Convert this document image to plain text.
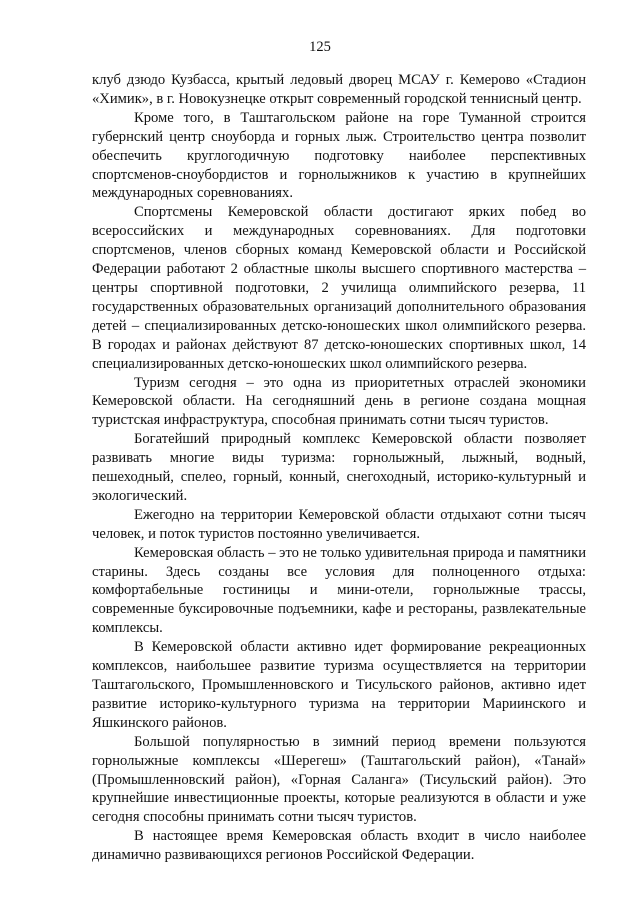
125

клуб дзюдо Кузбасса, крытый ледовый дворец МСАУ г. Кемерово «Стадион «Химик», в г. Новокузнецке открыт современный городской теннисный центр.

Кроме того, в Таштагольском районе на горе Туманной строится губернский центр сноуборда и горных лыж. Строительство центра позволит обеспечить круглогодичную подготовку наиболее перспективных спортсменов-сноубордистов и горнолыжников к участию в крупнейших международных соревнованиях.

Спортсмены Кемеровской области достигают ярких побед во всероссийских и международных соревнованиях. Для подготовки спортсменов, членов сборных команд Кемеровской области и Российской Федерации работают 2 областные школы высшего спортивного мастерства – центры спортивной подготовки, 2 училища олимпийского резерва, 11 государственных образовательных организаций дополнительного образования детей – специализированных детско-юношеских школ олимпийского резерва. В городах и районах действуют 87 детско-юношеских спортивных школ, 14 специализированных детско-юношеских школ олимпийского резерва.

Туризм сегодня – это одна из приоритетных отраслей экономики Кемеровской области. На сегодняшний день в регионе создана мощная туристская инфраструктура, способная принимать сотни тысяч туристов.

Богатейший природный комплекс Кемеровской области позволяет развивать многие виды туризма: горнолыжный, лыжный, водный, пешеходный, спелео, горный, конный, снегоходный, историко-культурный и экологический.

Ежегодно на территории Кемеровской области отдыхают сотни тысяч человек, и поток туристов постоянно увеличивается.

Кемеровская область – это не только удивительная природа и памятники старины. Здесь созданы все условия для полноценного отдыха: комфортабельные гостиницы и мини-отели, горнолыжные трассы, современные буксировочные подъемники, кафе и рестораны, развлекательные комплексы.

В Кемеровской области активно идет формирование рекреационных комплексов, наибольшее развитие туризма осуществляется на территории Таштагольского, Промышленновского и Тисульского районов, активно идет развитие историко-культурного туризма на территории Мариинского и Яшкинского районов.

Большой популярностью в зимний период времени пользуются горнолыжные комплексы «Шерегеш» (Таштагольский район), «Танай» (Промышленновский район), «Горная Саланга» (Тисульский район). Это крупнейшие инвестиционные проекты, которые реализуются в области и уже сегодня способны принимать сотни тысяч туристов.

В настоящее время Кемеровская область входит в число наиболее динамично развивающихся регионов Российской Федерации.
